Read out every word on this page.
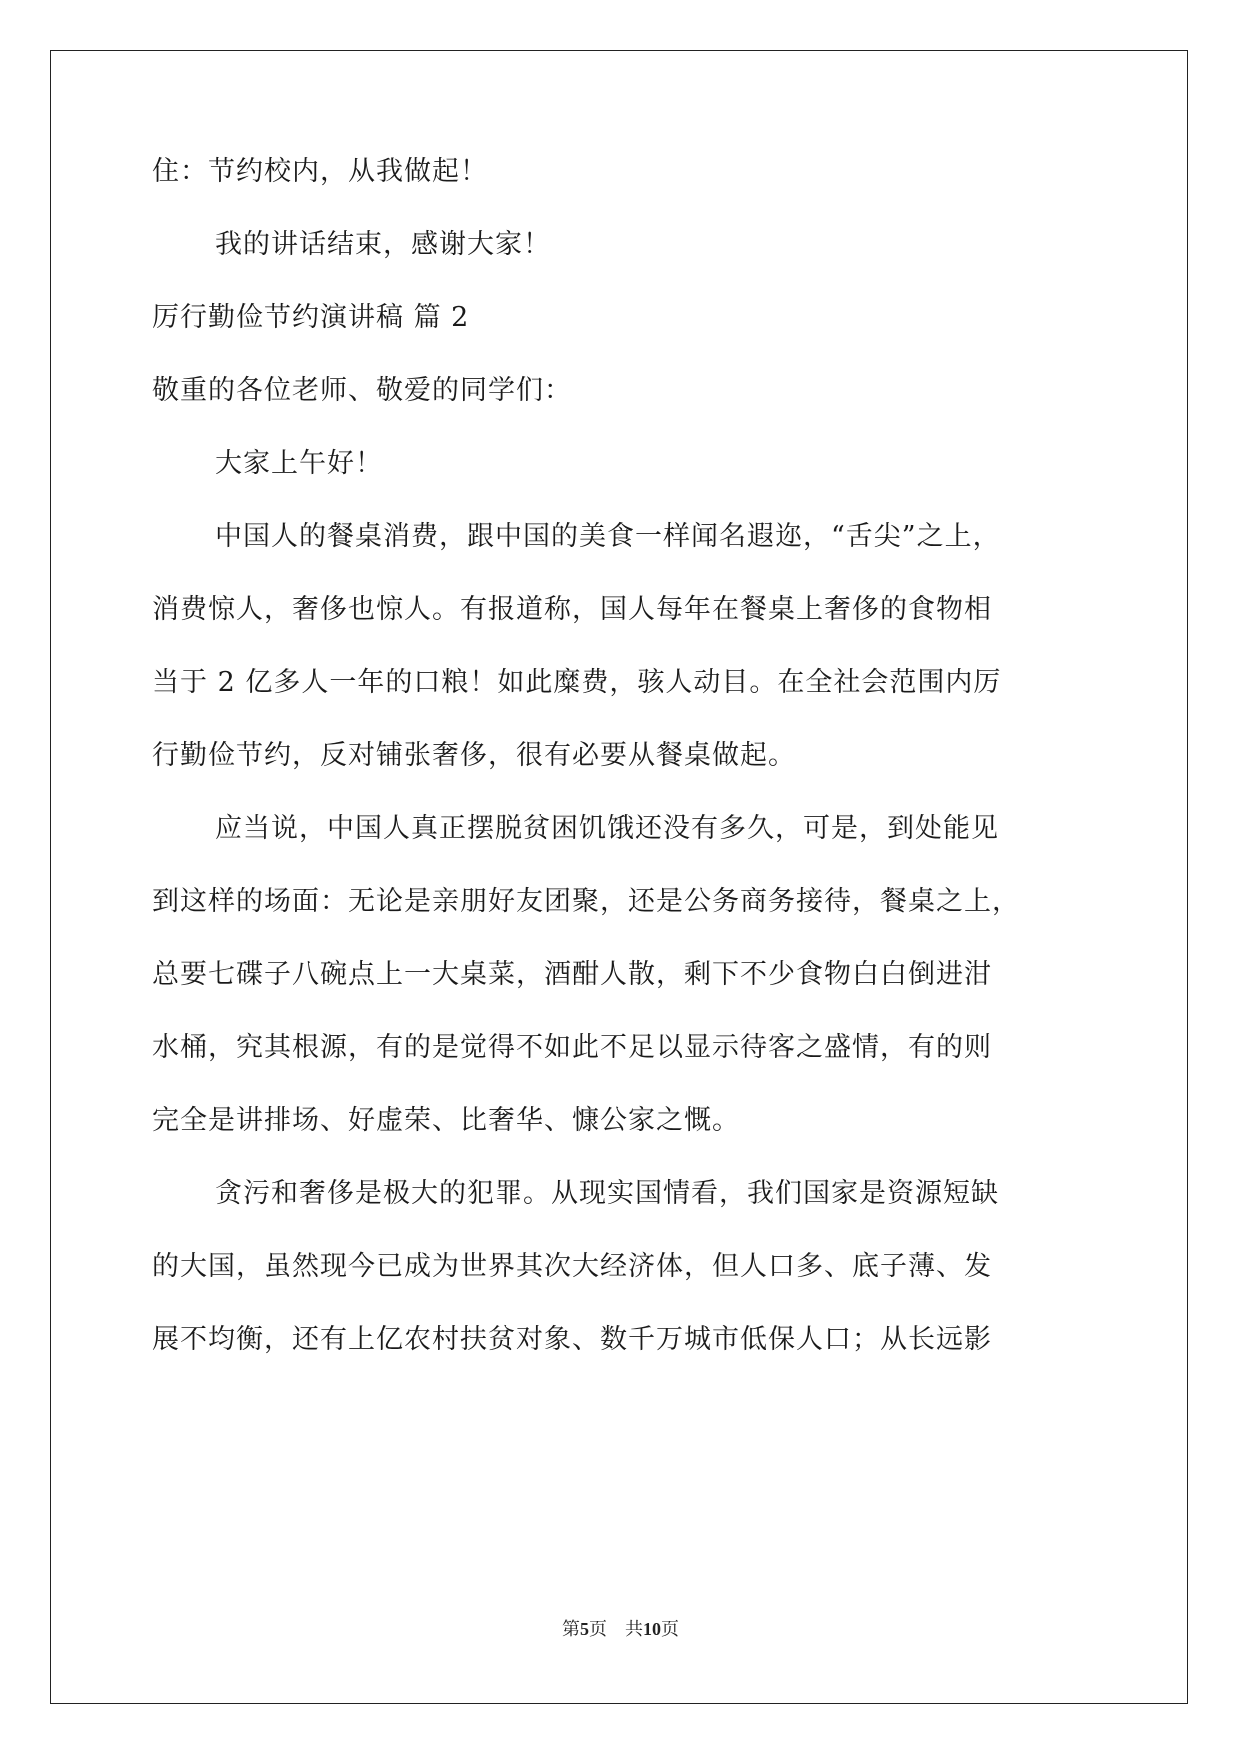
住：节约校内，从我做起！
我的讲话结束，感谢大家！
厉行勤俭节约演讲稿 篇 2
敬重的各位老师、敬爱的同学们：
大家上午好！
中国人的餐桌消费，跟中国的美食一样闻名遐迩，“舌尖”之上，
消费惊人，奢侈也惊人。有报道称，国人每年在餐桌上奢侈的食物相
当于 2 亿多人一年的口粮！如此糜费，骇人动目。在全社会范围内厉
行勤俭节约，反对铺张奢侈，很有必要从餐桌做起。
应当说，中国人真正摆脱贫困饥饿还没有多久，可是，到处能见
到这样的场面：无论是亲朋好友团聚，还是公务商务接待，餐桌之上，
总要七碟子八碗点上一大桌菜，酒酣人散，剩下不少食物白白倒进泔
水桶，究其根源，有的是觉得不如此不足以显示待客之盛情，有的则
完全是讲排场、好虚荣、比奢华、慷公家之慨。
贪污和奢侈是极大的犯罪。从现实国情看，我们国家是资源短缺
的大国，虽然现今已成为世界其次大经济体，但人口多、底子薄、发
展不均衡，还有上亿农村扶贫对象、数千万城市低保人口；从长远影
第5页　共10页
